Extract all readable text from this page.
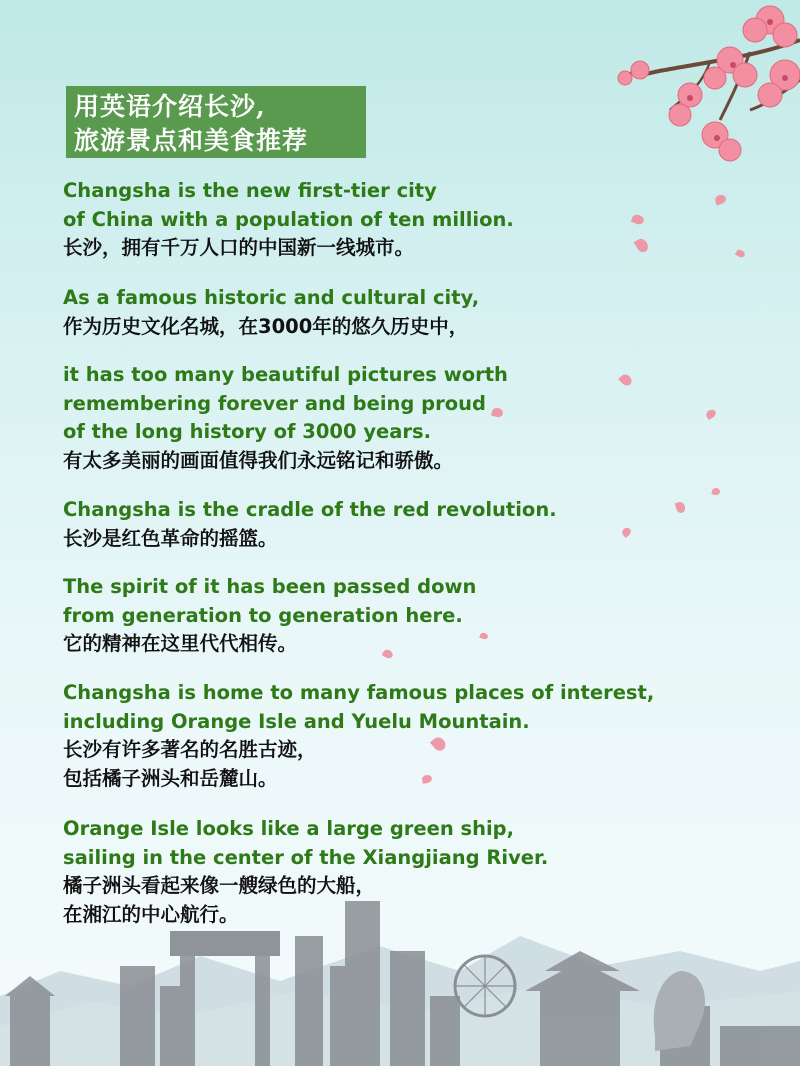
用英语介绍长沙,
旅游景点和美食推荐
Changsha is the new first-tier city
of China with a population of ten million.
长沙，拥有千万人口的中国新一线城市。
As a famous historic and cultural city,
作为历史文化名城，在3000年的悠久历史中，
it has too many beautiful pictures worth
remembering forever and being proud
of the long history of 3000 years.
有太多美丽的画面值得我们永远铭记和骄傲。
Changsha is the cradle of the red revolution.
长沙是红色革命的摇篮。
The spirit of it has been passed down
from generation to generation here.
它的精神在这里代代相传。
Changsha is home to many famous places of interest,
including Orange Isle and Yuelu Mountain.
长沙有许多著名的名胜古迹，
包括橘子洲头和岳麓山。
Orange Isle looks like a large green ship,
sailing in the center of the Xiangjiang River.
橘子洲头看起来像一艘绿色的大船，
在湘江的中心航行。
